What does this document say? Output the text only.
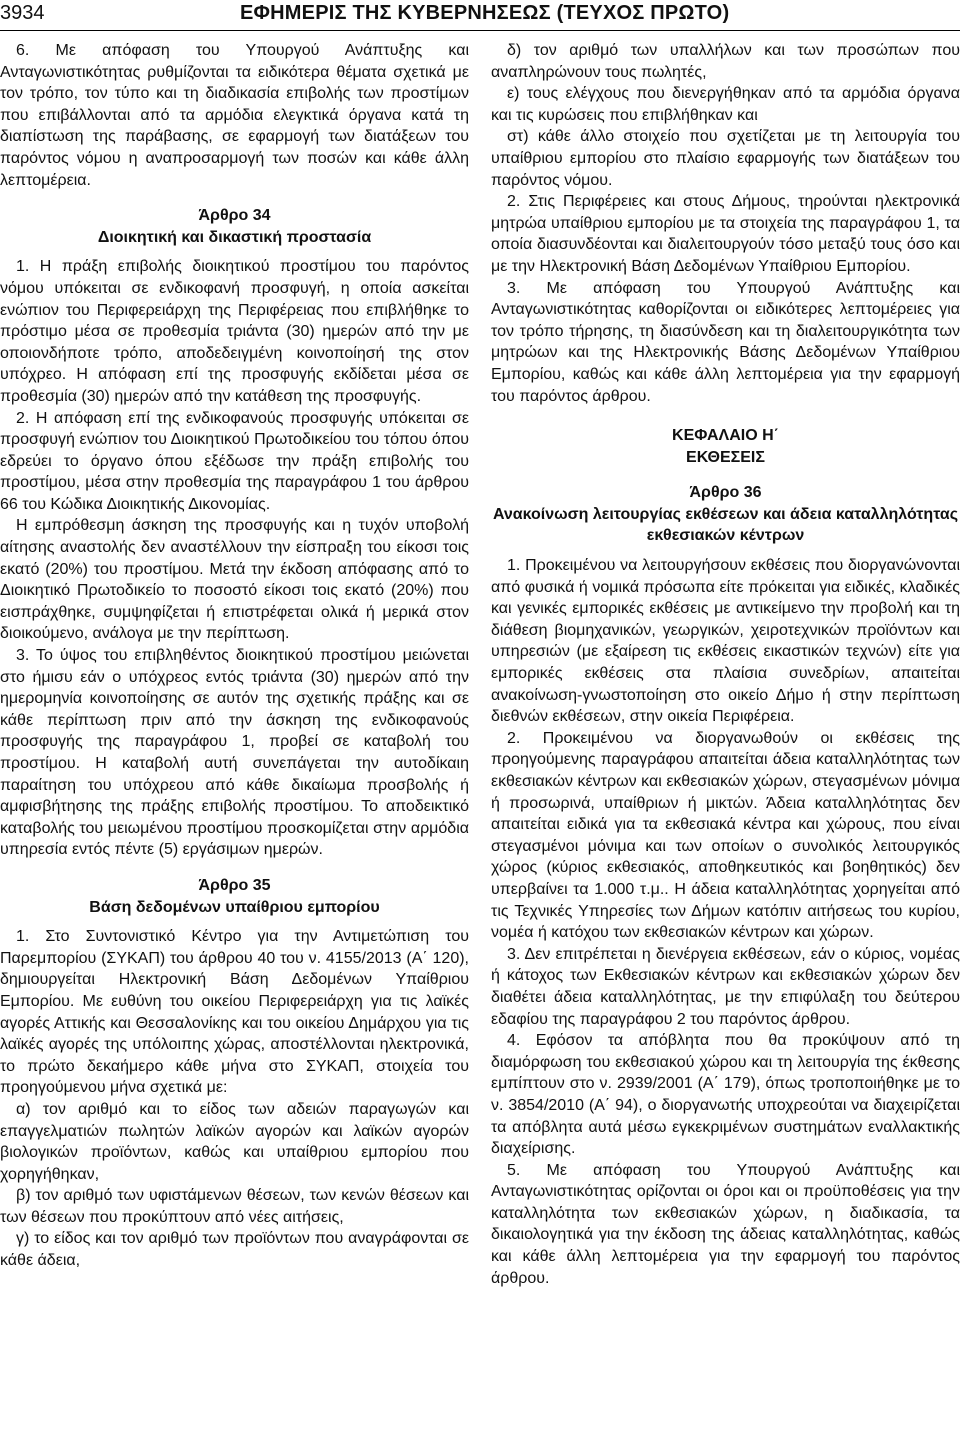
3934	ΕΦΗΜΕΡΙΣ ΤΗΣ ΚΥΒΕΡΝΗΣΕΩΣ (ΤΕΥΧΟΣ ΠΡΩΤΟ)

6. Με απόφαση του Υπουργού Ανάπτυξης και Ανταγωνιστικότητας ρυθμίζονται τα ειδικότερα θέματα σχετικά με τον τρόπο, τον τύπο και τη διαδικασία επιβολής των προστίμων που επιβάλλονται από τα αρμόδια ελεγκτικά όργανα κατά τη διαπίστωση της παράβασης, σε εφαρμογή των διατάξεων του παρόντος νόμου η αναπροσαρμογή των ποσών και κάθε άλλη λεπτομέρεια.

Άρθρο 34

Διοικητική και δικαστική προστασία

1. Η πράξη επιβολής διοικητικού προστίμου του παρόντος νόμου υπόκειται σε ενδικοφανή προσφυγή, η οποία ασκείται ενώπιον του Περιφερειάρχη της Περιφέρειας που επιβλήθηκε το πρόστιμο μέσα σε προθεσμία τριάντα (30) ημερών από την με οποιονδήποτε τρόπο, αποδεδειγμένη κοινοποίησή της στον υπόχρεο. Η απόφαση επί της προσφυγής εκδίδεται μέσα σε προθεσμία (30) ημερών από την κατάθεση της προσφυγής.

2. Η απόφαση επί της ενδικοφανούς προσφυγής υπόκειται σε προσφυγή ενώπιον του Διοικητικού Πρωτοδικείου του τόπου όπου εδρεύει το όργανο όπου εξέδωσε την πράξη επιβολής του προστίμου, μέσα στην προθεσμία της παραγράφου 1 του άρθρου 66 του Κώδικα Διοικητικής Δικονομίας.

Η εμπρόθεσμη άσκηση της προσφυγής και η τυχόν υποβολή αίτησης αναστολής δεν αναστέλλουν την είσπραξη του είκοσι τοις εκατό (20%) του προστίμου. Μετά την έκδοση απόφασης από το Διοικητικό Πρωτοδικείο το ποσοστό είκοσι τοις εκατό (20%) που εισπράχθηκε, συμψηφίζεται ή επιστρέφεται ολικά ή μερικά στον διοικούμενο, ανάλογα με την περίπτωση.

3. Το ύψος του επιβληθέντος διοικητικού προστίμου μειώνεται στο ήμισυ εάν ο υπόχρεος εντός τριάντα (30) ημερών από την ημερομηνία κοινοποίησης σε αυτόν της σχετικής πράξης και σε κάθε περίπτωση πριν από την άσκηση της ενδικοφανούς προσφυγής της παραγράφου 1, προβεί σε καταβολή του προστίμου. Η καταβολή αυτή συνεπάγεται την αυτοδίκαιη παραίτηση του υπόχρεου από κάθε δικαίωμα προσβολής ή αμφισβήτησης της πράξης επιβολής προστίμου. Το αποδεικτικό καταβολής του μειωμένου προστίμου προσκομίζεται στην αρμόδια υπηρεσία εντός πέντε (5) εργάσιμων ημερών.

Άρθρο 35

Βάση δεδομένων υπαίθριου εμπορίου

1. Στο Συντονιστικό Κέντρο για την Αντιμετώπιση του Παρεμπορίου (ΣΥΚΑΠ) του άρθρου 40 του ν. 4155/2013 (Α΄ 120), δημιουργείται Ηλεκτρονική Βάση Δεδομένων Υπαίθριου Εμπορίου. Με ευθύνη του οικείου Περιφερειάρχη για τις λαϊκές αγορές Αττικής και Θεσσαλονίκης και του οικείου Δημάρχου για τις λαϊκές αγορές της υπόλοιπης χώρας, αποστέλλονται ηλεκτρονικά, το πρώτο δεκαήμερο κάθε μήνα στο ΣΥΚΑΠ, στοιχεία του προηγούμενου μήνα σχετικά με:

α) τον αριθμό και το είδος των αδειών παραγωγών και επαγγελματιών πωλητών λαϊκών αγορών και λαϊκών αγορών βιολογικών προϊόντων, καθώς και υπαίθριου εμπορίου που χορηγήθηκαν,

β) τον αριθμό των υφιστάμενων θέσεων, των κενών θέσεων και των θέσεων που προκύπτουν από νέες αιτήσεις,

γ) το είδος και τον αριθμό των προϊόντων που αναγράφονται σε κάθε άδεια,

δ) τον αριθμό των υπαλλήλων και των προσώπων που αναπληρώνουν τους πωλητές,

ε) τους ελέγχους που διενεργήθηκαν από τα αρμόδια όργανα και τις κυρώσεις που επιβλήθηκαν και

στ) κάθε άλλο στοιχείο που σχετίζεται με τη λειτουργία του υπαίθριου εμπορίου στο πλαίσιο εφαρμογής των διατάξεων του παρόντος νόμου.

2. Στις Περιφέρειες και στους Δήμους, τηρούνται ηλεκτρονικά μητρώα υπαίθριου εμπορίου με τα στοιχεία της παραγράφου 1, τα οποία διασυνδέονται και διαλειτουργούν τόσο μεταξύ τους όσο και με την Ηλεκτρονική Βάση Δεδομένων Υπαίθριου Εμπορίου.

3. Με απόφαση του Υπουργού Ανάπτυξης και Ανταγωνιστικότητας καθορίζονται οι ειδικότερες λεπτομέρειες για τον τρόπο τήρησης, τη διασύνδεση και τη διαλειτουργικότητα των μητρώων και της Ηλεκτρονικής Βάσης Δεδομένων Υπαίθριου Εμπορίου, καθώς και κάθε άλλη λεπτομέρεια για την εφαρμογή του παρόντος άρθρου.

ΚΕΦΑΛΑΙΟ Η΄

ΕΚΘΕΣΕΙΣ

Άρθρο 36

Ανακοίνωση λειτουργίας εκθέσεων και άδεια καταλληλότητας εκθεσιακών κέντρων

1. Προκειμένου να λειτουργήσουν εκθέσεις που διοργανώνονται από φυσικά ή νομικά πρόσωπα είτε πρόκειται για ειδικές, κλαδικές και γενικές εμπορικές εκθέσεις με αντικείμενο την προβολή και τη διάθεση βιομηχανικών, γεωργικών, χειροτεχνικών προϊόντων και υπηρεσιών (με εξαίρεση τις εκθέσεις εικαστικών τεχνών) είτε για εμπορικές εκθέσεις στα πλαίσια συνεδρίων, απαιτείται ανακοίνωση-γνωστοποίηση στο οικείο Δήμο ή στην περίπτωση διεθνών εκθέσεων, στην οικεία Περιφέρεια.

2. Προκειμένου να διοργανωθούν οι εκθέσεις της προηγούμενης παραγράφου απαιτείται άδεια καταλληλότητας των εκθεσιακών κέντρων και εκθεσιακών χώρων, στεγασμένων μόνιμα ή προσωρινά, υπαίθριων ή μικτών. Άδεια καταλληλότητας δεν απαιτείται ειδικά για τα εκθεσιακά κέντρα και χώρους, που είναι στεγασμένοι μόνιμα και των οποίων ο συνολικός λειτουργικός χώρος (κύριος εκθεσιακός, αποθηκευτικός και βοηθητικός) δεν υπερβαίνει τα 1.000 τ.μ.. Η άδεια καταλληλότητας χορηγείται από τις Τεχνικές Υπηρεσίες των Δήμων κατόπιν αιτήσεως του κυρίου, νομέα ή κατόχου των εκθεσιακών κέντρων και χώρων.

3. Δεν επιτρέπεται η διενέργεια εκθέσεων, εάν ο κύριος, νομέας ή κάτοχος των Εκθεσιακών κέντρων και εκθεσιακών χώρων δεν διαθέτει άδεια καταλληλότητας, με την επιφύλαξη του δεύτερου εδαφίου της παραγράφου 2 του παρόντος άρθρου.

4. Εφόσον τα απόβλητα που θα προκύψουν από τη διαμόρφωση του εκθεσιακού χώρου και τη λειτουργία της έκθεσης εμπίπτουν στο ν. 2939/2001 (Α΄ 179), όπως τροποποιήθηκε με το ν. 3854/2010 (Α΄ 94), ο διοργανωτής υποχρεούται να διαχειρίζεται τα απόβλητα αυτά μέσω εγκεκριμένων συστημάτων εναλλακτικής διαχείρισης.

5. Με απόφαση του Υπουργού Ανάπτυξης και Ανταγωνιστικότητας ορίζονται οι όροι και οι προϋποθέσεις για την καταλληλότητα των εκθεσιακών χώρων, η διαδικασία, τα δικαιολογητικά για την έκδοση της άδειας καταλληλότητας, καθώς και κάθε άλλη λεπτομέρεια για την εφαρμογή του παρόντος άρθρου.
